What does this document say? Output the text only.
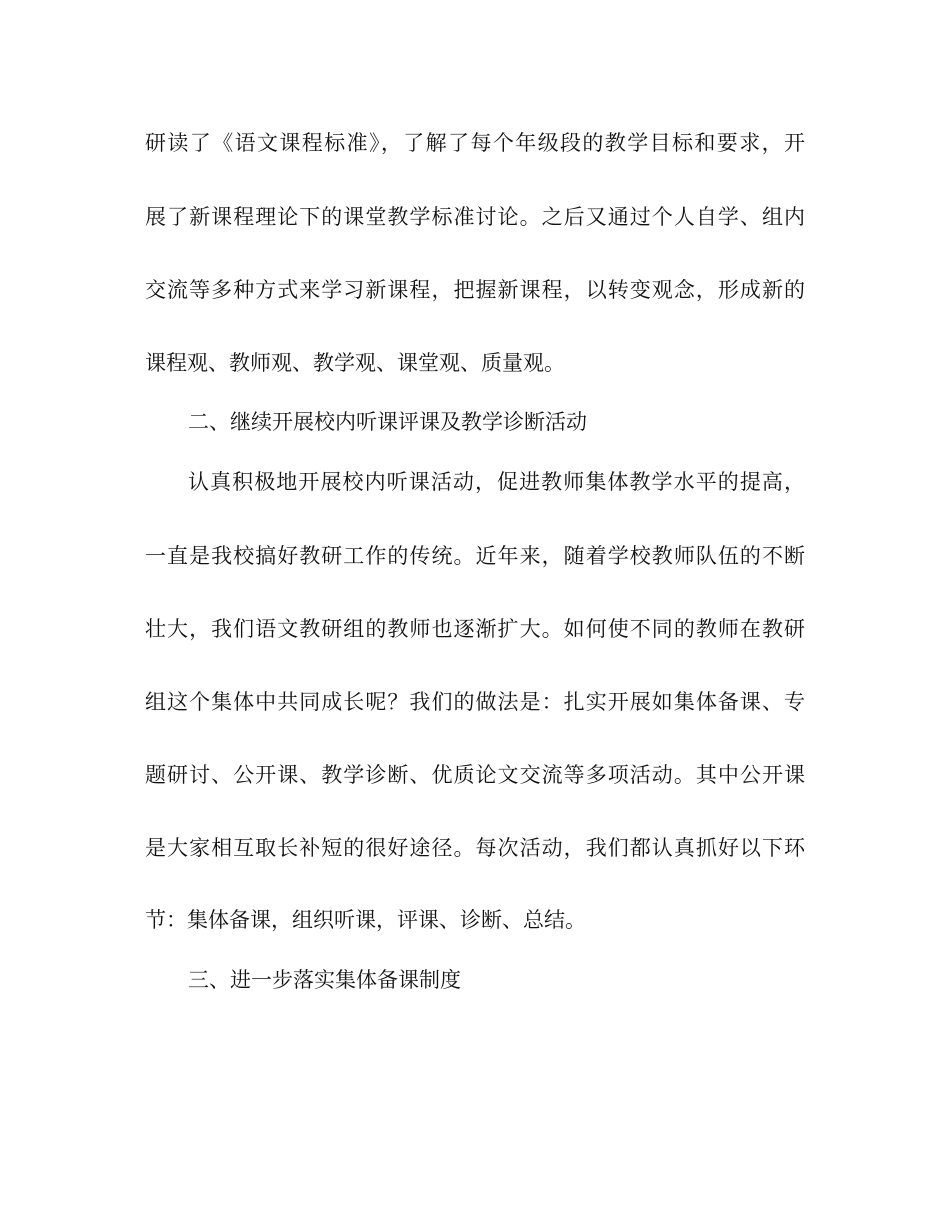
研读了《语文课程标准》，了解了每个年级段的教学目标和要求，开
展了新课程理论下的课堂教学标准讨论。之后又通过个人自学、组内
交流等多种方式来学习新课程，把握新课程，以转变观念，形成新的
课程观、教师观、教学观、课堂观、质量观。
二、继续开展校内听课评课及教学诊断活动
认真积极地开展校内听课活动，促进教师集体教学水平的提高，
一直是我校搞好教研工作的传统。近年来，随着学校教师队伍的不断
壮大，我们语文教研组的教师也逐渐扩大。如何使不同的教师在教研
组这个集体中共同成长呢？我们的做法是：扎实开展如集体备课、专
题研讨、公开课、教学诊断、优质论文交流等多项活动。其中公开课
是大家相互取长补短的很好途径。每次活动，我们都认真抓好以下环
节：集体备课，组织听课，评课、诊断、总结。
三、进一步落实集体备课制度
